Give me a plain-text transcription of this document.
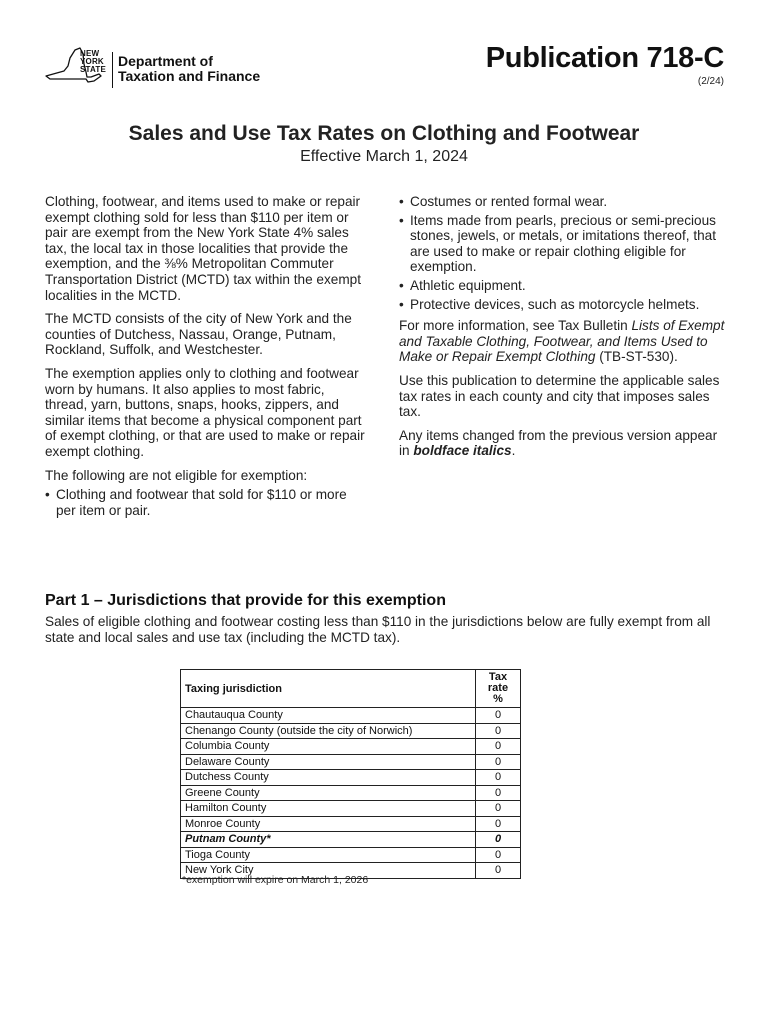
NEW
YORK
STATE
Department of
Taxation and Finance
Publication 718-C
(2/24)
Sales and Use Tax Rates on Clothing and Footwear
Effective March 1, 2024

Clothing, footwear, and items used to make or repair exempt clothing sold for less than $110 per item or pair are exempt from the New York State 4% sales tax, the local tax in those localities that provide the exemption, and the ⅜% Metropolitan Commuter Transportation District (MCTD) tax within the exempt localities in the MCTD.

The MCTD consists of the city of New York and the counties of Dutchess, Nassau, Orange, Putnam, Rockland, Suffolk, and Westchester.

The exemption applies only to clothing and footwear worn by humans. It also applies to most fabric, thread, yarn, buttons, snaps, hooks, zippers, and similar items that become a physical component part of exempt clothing, or that are used to make or repair exempt clothing.

The following are not eligible for exemption:

• Clothing and footwear that sold for $110 or more per item or pair.
• Costumes or rented formal wear.
• Items made from pearls, precious or semi-precious stones, jewels, or metals, or imitations thereof, that are used to make or repair clothing eligible for exemption.
• Athletic equipment.
• Protective devices, such as motorcycle helmets.

For more information, see Tax Bulletin Lists of Exempt and Taxable Clothing, Footwear, and Items Used to Make or Repair Exempt Clothing (TB-ST-530).

Use this publication to determine the applicable sales tax rates in each county and city that imposes sales tax.

Any items changed from the previous version appear in boldface italics.

Part 1 – Jurisdictions that provide for this exemption
Sales of eligible clothing and footwear costing less than $110 in the jurisdictions below are fully exempt from all state and local sales and use tax (including the MCTD tax).
Taxing jurisdiction	Tax rate
%

Chautauqua County	0
Chenango County (outside the city of Norwich)	0
Columbia County	0
Delaware County	0
Dutchess County	0
Greene County	0
Hamilton County	0
Monroe County	0
Putnam County*	0
Tioga County	0
New York City	0
*exemption will expire on March 1, 2026
